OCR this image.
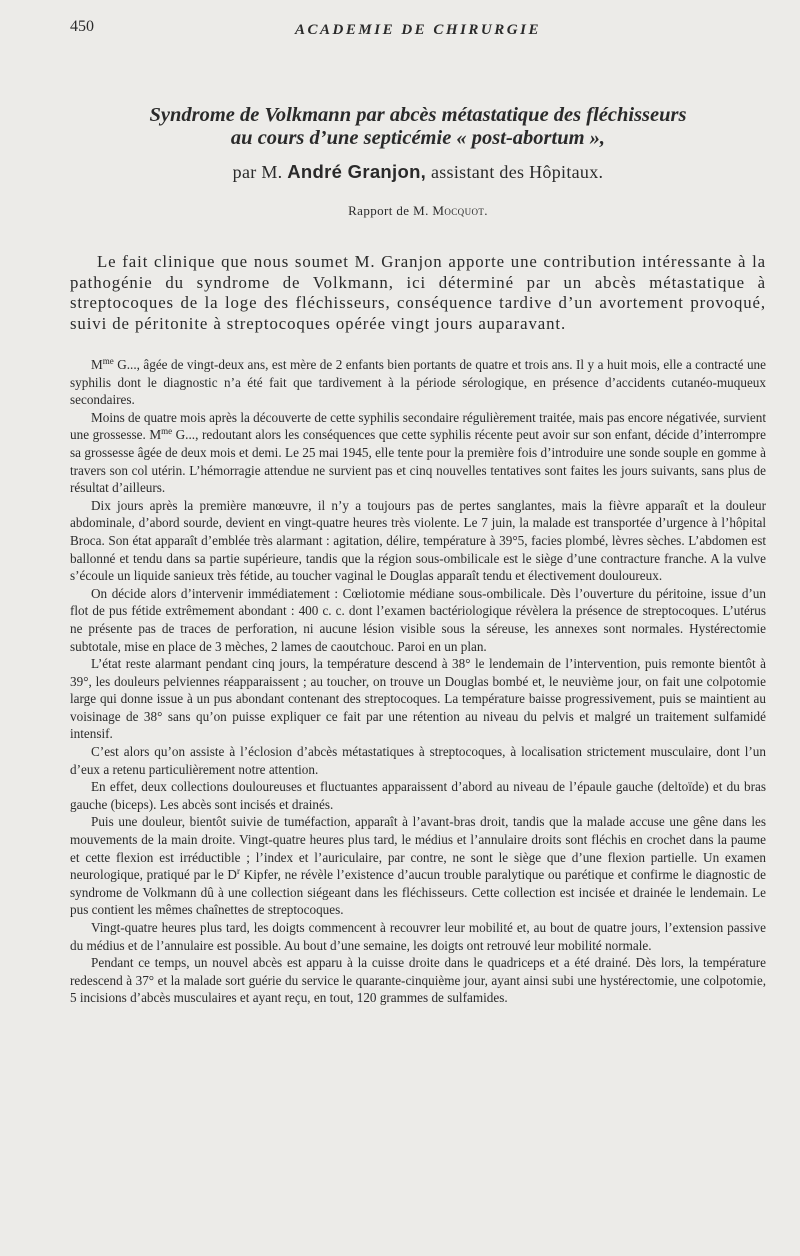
450	ACADEMIE DE CHIRURGIE
Syndrome de Volkmann par abcès métastatique des fléchisseurs
au cours d’une septicémie « post-abortum »,
par M. André Granjon, assistant des Hôpitaux.
Rapport de M. Mocquot.

Le fait clinique que nous soumet M. Granjon apporte une contribution intéressante à la pathogénie du syndrome de Volkmann, ici déterminé par un abcès métastatique à streptocoques de la loge des fléchisseurs, conséquence tardive d’un avortement provoqué, suivi de péritonite à streptocoques opérée vingt jours auparavant.

$M^{me}$ G..., âgée de vingt-deux ans, est mère de 2 enfants bien portants de quatre et trois ans. Il y a huit mois, elle a contracté une syphilis dont le diagnostic n’a été fait que tardivement à la période sérologique, en présence d’accidents cutanéo-muqueux secondaires.

Moins de quatre mois après la découverte de cette syphilis secondaire régulièrement traitée, mais pas encore négativée, survient une grossesse. $M^{me}$ G..., redoutant alors les conséquences que cette syphilis récente peut avoir sur son enfant, décide d’interrompre sa grossesse âgée de deux mois et demi. Le 25 mai 1945, elle tente pour la première fois d’introduire une sonde souple en gomme à travers son col utérin. L’hémorragie attendue ne survient pas et cinq nouvelles tentatives sont faites les jours suivants, sans plus de résultat d’ailleurs.

Dix jours après la première manœuvre, il n’y a toujours pas de pertes sanglantes, mais la fièvre apparaît et la douleur abdominale, d’abord sourde, devient en vingt-quatre heures très violente. Le 7 juin, la malade est transportée d’urgence à l’hôpital Broca. Son état apparaît d’emblée très alarmant : agitation, délire, température à 39°5, facies plombé, lèvres sèches. L’abdomen est ballonné et tendu dans sa partie supérieure, tandis que la région sous-ombilicale est le siège d’une contracture franche. A la vulve s’écoule un liquide sanieux très fétide, au toucher vaginal le Douglas apparaît tendu et électivement douloureux.

On décide alors d’intervenir immédiatement : Cœliotomie médiane sous-ombilicale. Dès l’ouverture du péritoine, issue d’un flot de pus fétide extrêmement abondant : 400 c. c. dont l’examen bactériologique révèlera la présence de streptocoques. L’utérus ne présente pas de traces de perforation, ni aucune lésion visible sous la séreuse, les annexes sont normales. Hystérectomie subtotale, mise en place de 3 mèches, 2 lames de caoutchouc. Paroi en un plan.

L’état reste alarmant pendant cinq jours, la température descend à 38° le lendemain de l’intervention, puis remonte bientôt à 39°, les douleurs pelviennes réapparaissent ; au toucher, on trouve un Douglas bombé et, le neuvième jour, on fait une colpotomie large qui donne issue à un pus abondant contenant des streptocoques. La température baisse progressivement, puis se maintient au voisinage de 38° sans qu’on puisse expliquer ce fait par une rétention au niveau du pelvis et malgré un traitement sulfamidé intensif.

C’est alors qu’on assiste à l’éclosion d’abcès métastatiques à streptocoques, à localisation strictement musculaire, dont l’un d’eux a retenu particulièrement notre attention.

En effet, deux collections douloureuses et fluctuantes apparaissent d’abord au niveau de l’épaule gauche (deltoïde) et du bras gauche (biceps). Les abcès sont incisés et drainés.

Puis une douleur, bientôt suivie de tuméfaction, apparaît à l’avant-bras droit, tandis que la malade accuse une gêne dans les mouvements de la main droite. Vingt-quatre heures plus tard, le médius et l’annulaire droits sont fléchis en crochet dans la paume et cette flexion est irréductible ; l’index et l’auriculaire, par contre, ne sont le siège que d’une flexion partielle. Un examen neurologique, pratiqué par le $D^r$ Kipfer, ne révèle l’existence d’aucun trouble paralytique ou parétique et confirme le diagnostic de syndrome de Volkmann dû à une collection siégeant dans les fléchisseurs. Cette collection est incisée et drainée le lendemain. Le pus contient les mêmes chaînettes de streptocoques.

Vingt-quatre heures plus tard, les doigts commencent à recouvrer leur mobilité et, au bout de quatre jours, l’extension passive du médius et de l’annulaire est possible. Au bout d’une semaine, les doigts ont retrouvé leur mobilité normale.

Pendant ce temps, un nouvel abcès est apparu à la cuisse droite dans le quadriceps et a été drainé. Dès lors, la température redescend à 37° et la malade sort guérie du service le quarante-cinquième jour, ayant ainsi subi une hystérectomie, une colpotomie, 5 incisions d’abcès musculaires et ayant reçu, en tout, 120 grammes de sulfamides.
